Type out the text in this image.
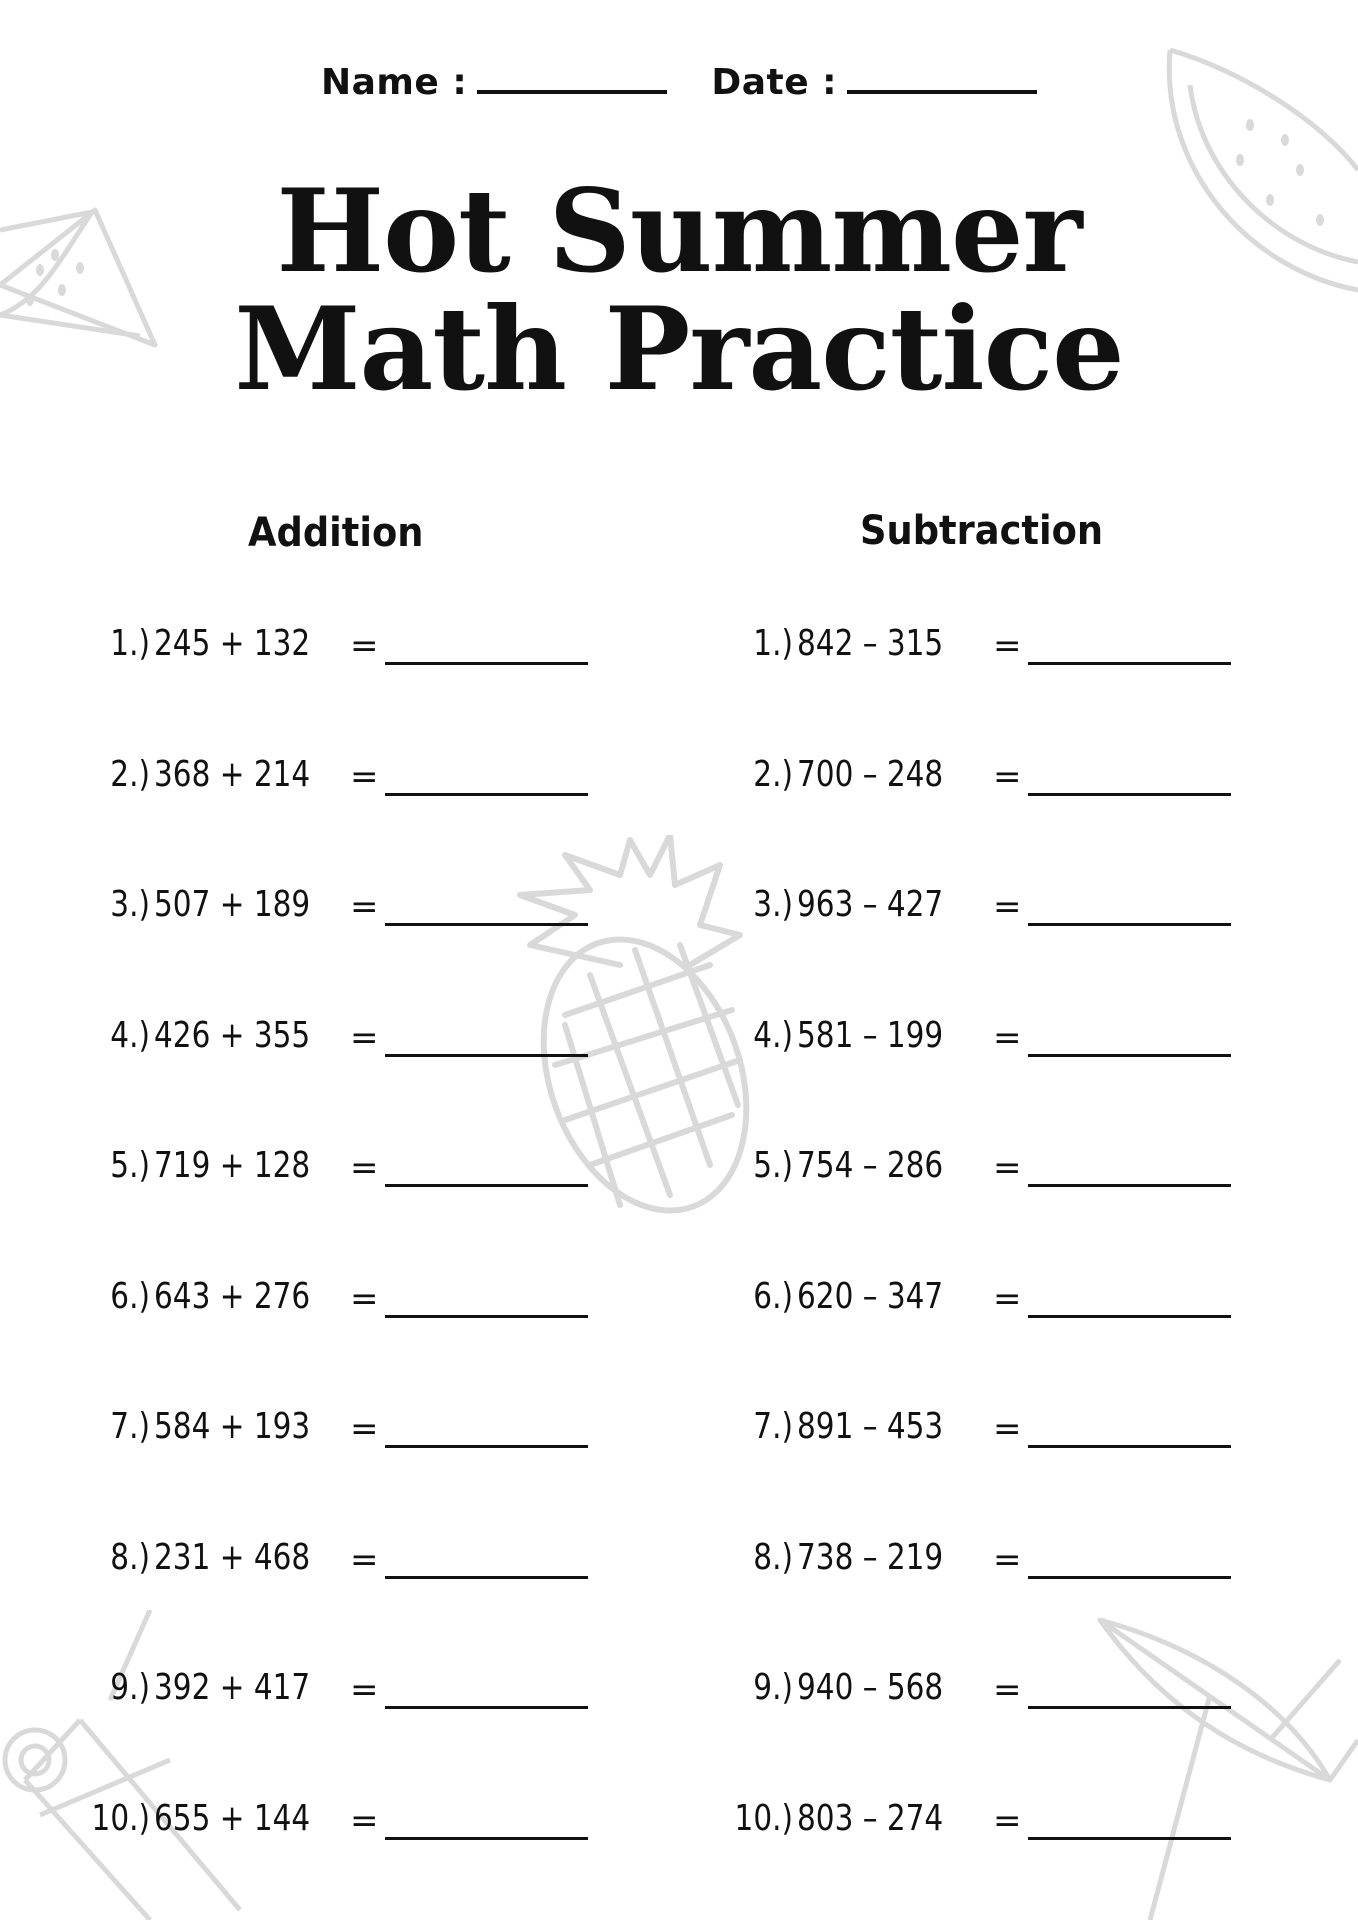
Name :	Date :
Hot Summer
Math Practice
Addition	Subtraction
1.) 245 + 132 =
2.) 368 + 214 =
3.) 507 + 189 =
4.) 426 + 355 =
5.) 719 + 128 =
6.) 643 + 276 =
7.) 584 + 193 =
8.) 231 + 468 =
9.) 392 + 417 =
10.) 655 + 144 =
1.) 842 – 315 =
2.) 700 – 248 =
3.) 963 – 427 =
4.) 581 – 199 =
5.) 754 – 286 =
6.) 620 – 347 =
7.) 891 – 453 =
8.) 738 – 219 =
9.) 940 – 568 =
10.) 803 – 274 =
